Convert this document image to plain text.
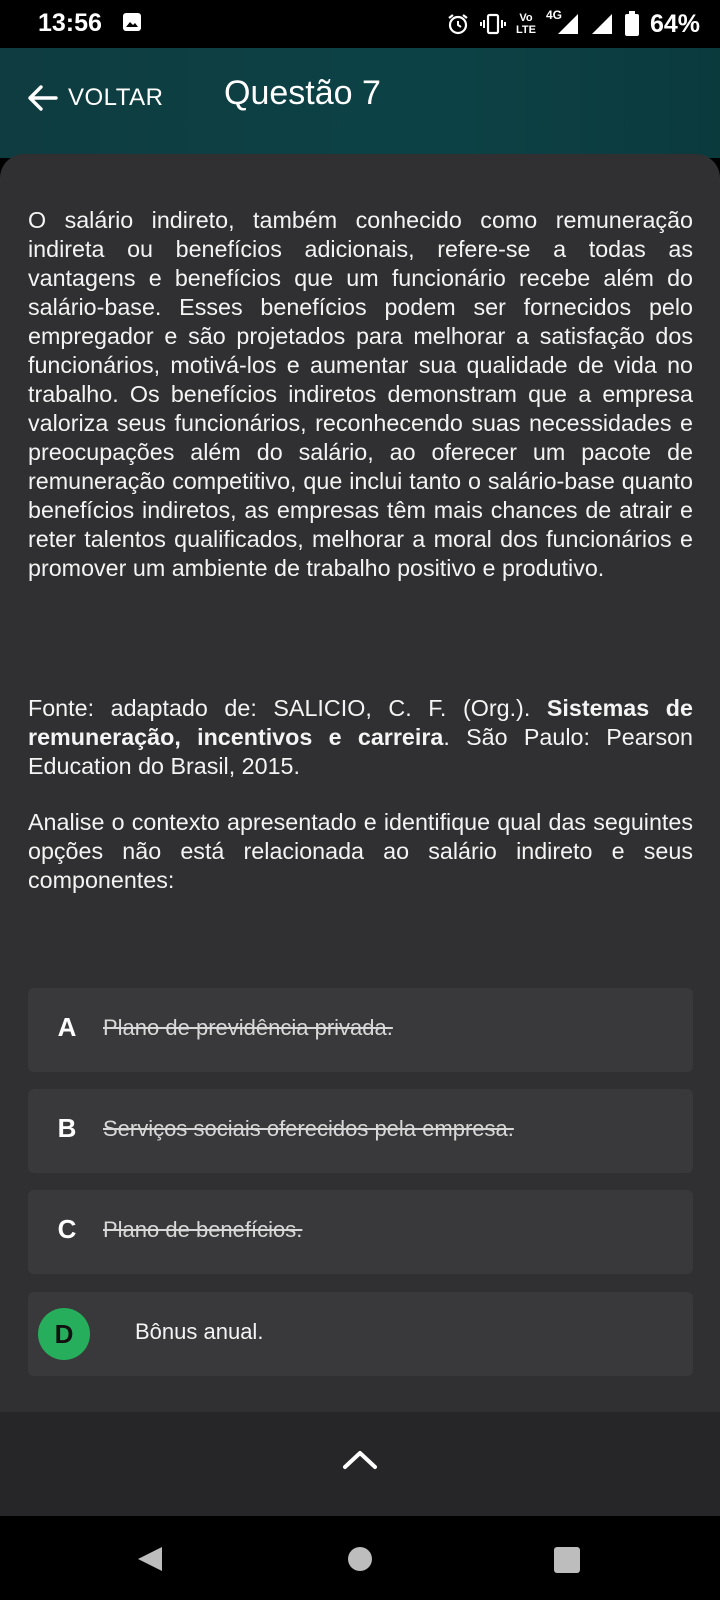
13:56	Vo
LTE
4G	64%
VOLTAR Questão 7

O salário indireto, também conhecido como remuneração indireta ou benefícios adicionais, refere-se a todas as vantagens e benefícios que um funcionário recebe além do salário-base. Esses benefícios podem ser fornecidos pelo empregador e são projetados para melhorar a satisfação dos funcionários, motivá-los e aumentar sua qualidade de vida no trabalho. Os benefícios indiretos demonstram que a empresa valoriza seus funcionários, reconhecendo suas necessidades e preocupações além do salário, ao oferecer um pacote de remuneração competitivo, que inclui tanto o salário-base quanto benefícios indiretos, as empresas têm mais chances de atrair e reter talentos qualificados, melhorar a moral dos funcionários e promover um ambiente de trabalho positivo e produtivo.

Fonte: adaptado de: SALICIO, C. F. (Org.). Sistemas de remuneração, incentivos e carreira. São Paulo: Pearson Education do Brasil, 2015.

Analise o contexto apresentado e identifique qual das seguintes opções não está relacionada ao salário indireto e seus componentes:

A Plano de previdência privada.
B Serviços sociais oferecidos pela empresa.
C Plano de benefícios.
D	Bônus anual.
